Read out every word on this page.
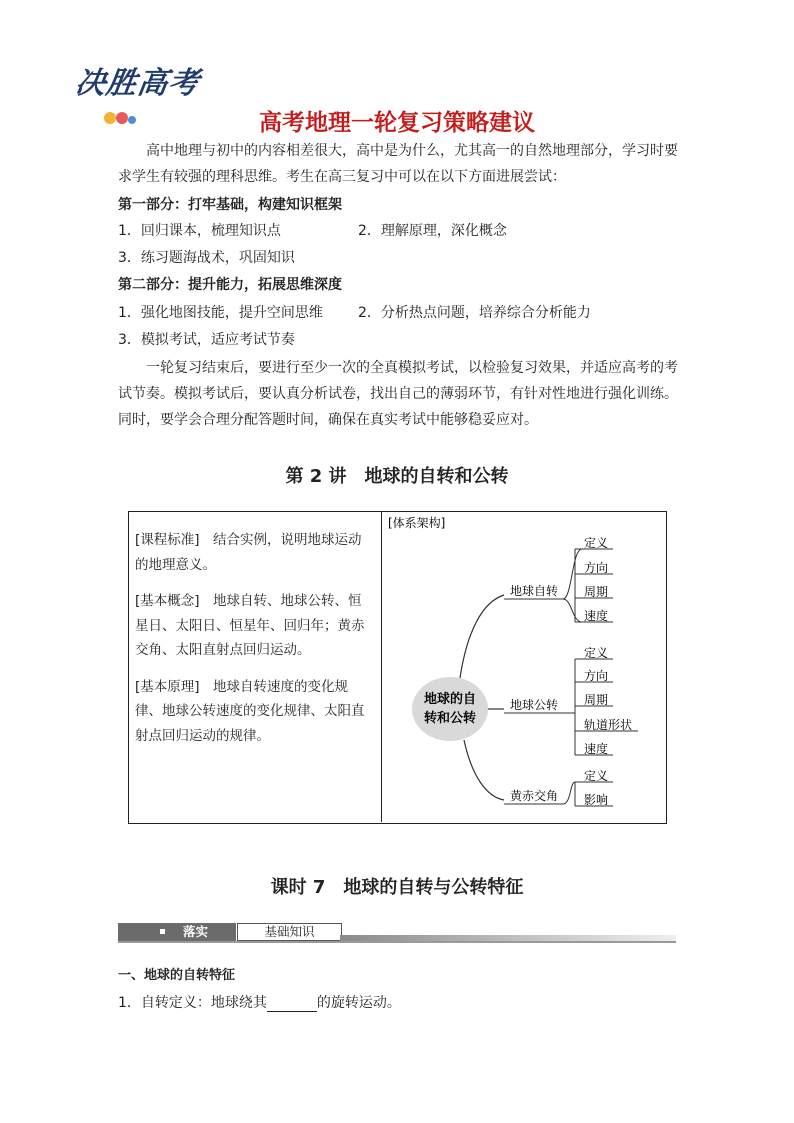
决胜高考
高考地理一轮复习策略建议
高中地理与初中的内容相差很大，高中是为什么，尤其高一的自然地理部分，学习时要求学生有较强的理科思维。考生在高三复习中可以在以下方面进展尝试：
第一部分：打牢基础，构建知识框架
1．回归课本，梳理知识点	2．理解原理，深化概念
3．练习题海战术，巩固知识
第二部分：提升能力，拓展思维深度
1．强化地图技能，提升空间思维	2．分析热点问题，培养综合分析能力
3．模拟考试，适应考试节奏
一轮复习结束后，要进行至少一次的全真模拟考试，以检验复习效果，并适应高考的考试节奏。模拟考试后，要认真分析试卷，找出自己的薄弱环节，有针对性地进行强化训练。同时，要学会合理分配答题时间，确保在真实考试中能够稳妥应对。
第 2 讲　地球的自转和公转
[课程标准]　结合实例，说明地球运动的地理意义。
[基本概念]　地球自转、地球公转、恒星日、太阳日、恒星年、回归年；黄赤交角、太阳直射点回归运动。
[基本原理]　地球自转速度的变化规律、地球公转速度的变化规律、太阳直射点回归运动的规律。
[体系架构]
地球的自
转和公转
地球自转
定义
方向
周期
速度
地球公转
定义
方向
周期
轨道形状
速度
黄赤交角
定义
影响
课时 7　地球的自转与公转特征
落实	基础知识
一、地球的自转特征
1．自转定义：地球绕其	的旋转运动。
